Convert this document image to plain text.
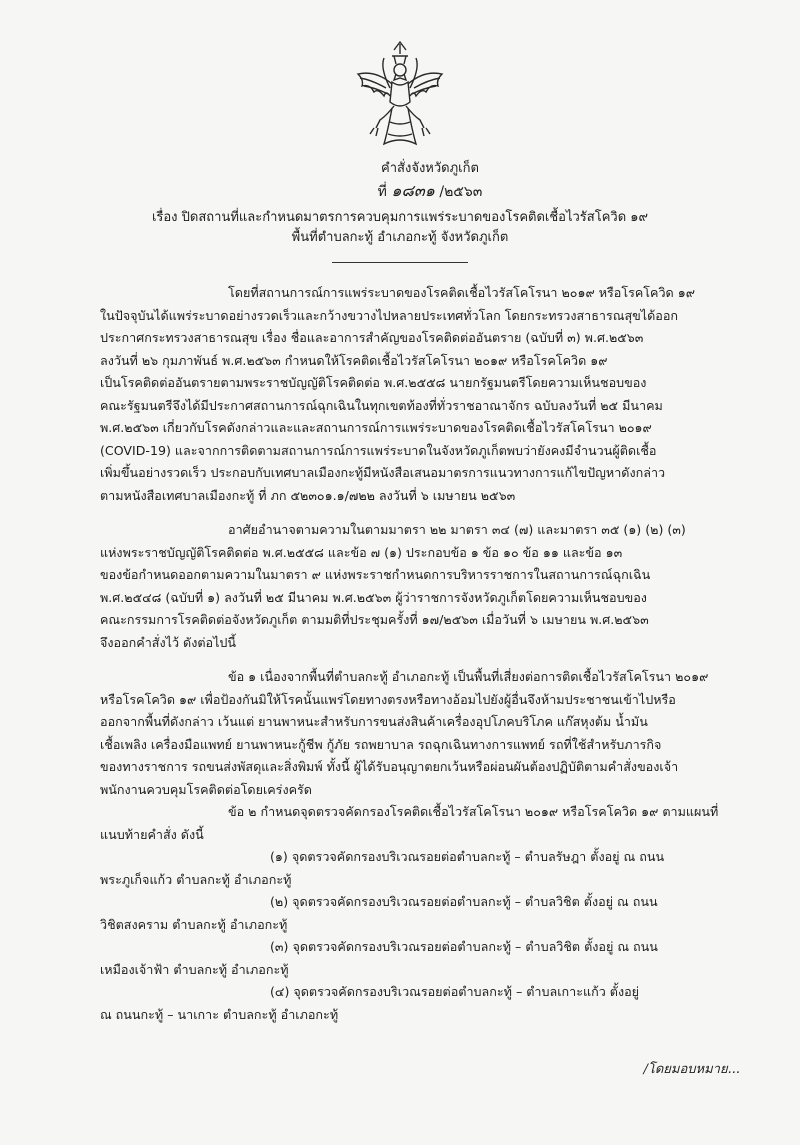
คำสั่งจังหวัดภูเก็ต
ที่ ๑๘๓๑ /๒๕๖๓
เรื่อง ปิดสถานที่และกำหนดมาตรการควบคุมการแพร่ระบาดของโรคติดเชื้อไวรัสโควิด ๑๙
พื้นที่ตำบลกะทู้ อำเภอกะทู้ จังหวัดภูเก็ต
โดยที่สถานการณ์การแพร่ระบาดของโรคติดเชื้อไวรัสโคโรนา ๒๐๑๙ หรือโรคโควิด ๑๙
ในปัจจุบันได้แพร่ระบาดอย่างรวดเร็วและกว้างขวางไปหลายประเทศทั่วโลก โดยกระทรวงสาธารณสุขได้ออก
ประกาศกระทรวงสาธารณสุข เรื่อง ชื่อและอาการสำคัญของโรคติดต่ออันตราย (ฉบับที่ ๓) พ.ศ.๒๕๖๓
ลงวันที่ ๒๖ กุมภาพันธ์ พ.ศ.๒๕๖๓ กำหนดให้โรคติดเชื้อไวรัสโคโรนา ๒๐๑๙ หรือโรคโควิด ๑๙
เป็นโรคติดต่ออันตรายตามพระราชบัญญัติโรคติดต่อ พ.ศ.๒๕๕๘ นายกรัฐมนตรีโดยความเห็นชอบของ
คณะรัฐมนตรีจึงได้มีประกาศสถานการณ์ฉุกเฉินในทุกเขตท้องที่ทั่วราชอาณาจักร ฉบับลงวันที่ ๒๕ มีนาคม
พ.ศ.๒๕๖๓ เกี่ยวกับโรคดังกล่าวและและสถานการณ์การแพร่ระบาดของโรคติดเชื้อไวรัสโคโรนา ๒๐๑๙
(COVID-19) และจากการติดตามสถานการณ์การแพร่ระบาดในจังหวัดภูเก็ตพบว่ายังคงมีจำนวนผู้ติดเชื้อ
เพิ่มขึ้นอย่างรวดเร็ว ประกอบกับเทศบาลเมืองกะทู้มีหนังสือเสนอมาตรการแนวทางการแก้ไขปัญหาดังกล่าว
ตามหนังสือเทศบาลเมืองกะทู้ ที่ ภก ๕๒๓๐๑.๑/๗๒๒ ลงวันที่ ๖ เมษายน ๒๕๖๓
อาศัยอำนาจตามความในตามมาตรา ๒๒ มาตรา ๓๔ (๗) และมาตรา ๓๕ (๑) (๒) (๓)
แห่งพระราชบัญญัติโรคติดต่อ พ.ศ.๒๕๕๘ และข้อ ๗ (๑) ประกอบข้อ ๑ ข้อ ๑๐ ข้อ ๑๑ และข้อ ๑๓
ของข้อกำหนดออกตามความในมาตรา ๙ แห่งพระราชกำหนดการบริหารราชการในสถานการณ์ฉุกเฉิน
พ.ศ.๒๕๔๘ (ฉบับที่ ๑) ลงวันที่ ๒๕ มีนาคม พ.ศ.๒๕๖๓ ผู้ว่าราชการจังหวัดภูเก็ตโดยความเห็นชอบของ
คณะกรรมการโรคติดต่อจังหวัดภูเก็ต ตามมติที่ประชุมครั้งที่ ๑๗/๒๕๖๓ เมื่อวันที่ ๖ เมษายน พ.ศ.๒๕๖๓
จึงออกคำสั่งไว้ ดังต่อไปนี้
ข้อ ๑ เนื่องจากพื้นที่ตำบลกะทู้ อำเภอกะทู้ เป็นพื้นที่เสี่ยงต่อการติดเชื้อไวรัสโคโรนา ๒๐๑๙
หรือโรคโควิด ๑๙ เพื่อป้องกันมิให้โรคนั้นแพร่โดยทางตรงหรือทางอ้อมไปยังผู้อื่นจึงห้ามประชาชนเข้าไปหรือ
ออกจากพื้นที่ดังกล่าว เว้นแต่ ยานพาหนะสำหรับการขนส่งสินค้าเครื่องอุปโภคบริโภค แก๊สหุงต้ม น้ำมัน
เชื้อเพลิง เครื่องมือแพทย์ ยานพาหนะกู้ชีพ กู้ภัย รถพยาบาล รถฉุกเฉินทางการแพทย์ รถที่ใช้สำหรับภารกิจ
ของทางราชการ รถขนส่งพัสดุและสิ่งพิมพ์ ทั้งนี้ ผู้ได้รับอนุญาตยกเว้นหรือผ่อนผันต้องปฏิบัติตามคำสั่งของเจ้า
พนักงานควบคุมโรคติดต่อโดยเคร่งครัด
ข้อ ๒ กำหนดจุดตรวจคัดกรองโรคติดเชื้อไวรัสโคโรนา ๒๐๑๙ หรือโรคโควิด ๑๙ ตามแผนที่
แนบท้ายคำสั่ง ดังนี้
(๑) จุดตรวจคัดกรองบริเวณรอยต่อตำบลกะทู้ – ตำบลรัษฎา ตั้งอยู่ ณ ถนน
พระภูเก็จแก้ว ตำบลกะทู้ อำเภอกะทู้
(๒) จุดตรวจคัดกรองบริเวณรอยต่อตำบลกะทู้ – ตำบลวิชิต ตั้งอยู่ ณ ถนน
วิชิตสงคราม ตำบลกะทู้ อำเภอกะทู้
(๓) จุดตรวจคัดกรองบริเวณรอยต่อตำบลกะทู้ – ตำบลวิชิต ตั้งอยู่ ณ ถนน
เหมืองเจ้าฟ้า ตำบลกะทู้ อำเภอกะทู้
(๔) จุดตรวจคัดกรองบริเวณรอยต่อตำบลกะทู้ – ตำบลเกาะแก้ว ตั้งอยู่
ณ ถนนกะทู้ – นาเกาะ ตำบลกะทู้ อำเภอกะทู้
/โดยมอบหมาย...
